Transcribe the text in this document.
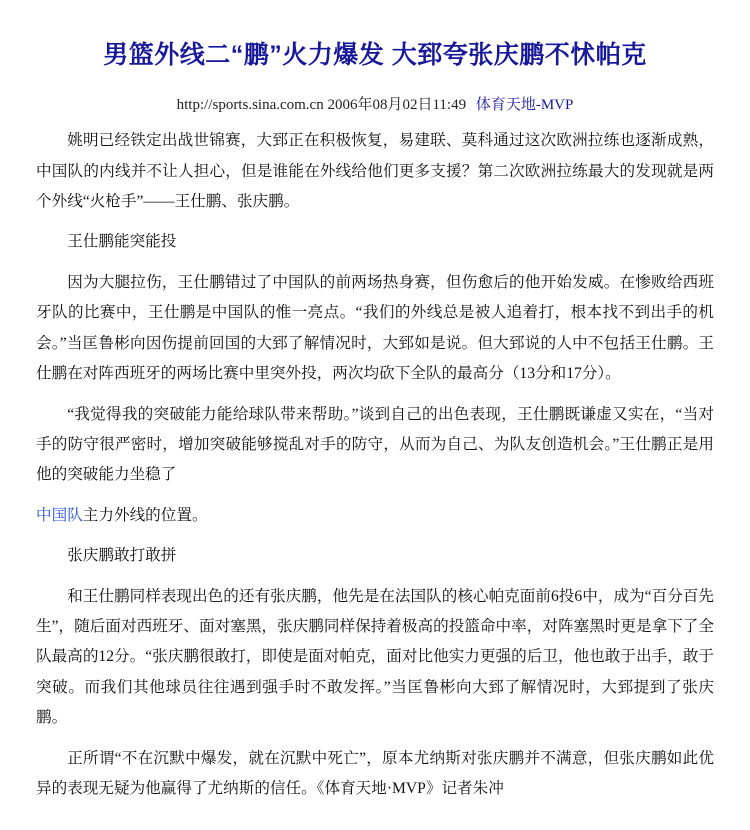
男篮外线二“鹏”火力爆发 大郅夸张庆鹏不怵帕克
http://sports.sina.com.cn 2006年08月02日11:49 体育天地-MVP

姚明已经铁定出战世锦赛，大郅正在积极恢复，易建联、莫科通过这次欧洲拉练也逐渐成熟，中国队的内线并不让人担心，但是谁能在外线给他们更多支援？第二次欧洲拉练最大的发现就是两个外线“火枪手”——王仕鹏、张庆鹏。

王仕鹏能突能投

因为大腿拉伤，王仕鹏错过了中国队的前两场热身赛，但伤愈后的他开始发威。在惨败给西班牙队的比赛中，王仕鹏是中国队的惟一亮点。“我们的外线总是被人追着打，根本找不到出手的机会。”当匡鲁彬向因伤提前回国的大郅了解情况时，大郅如是说。但大郅说的人中不包括王仕鹏。王仕鹏在对阵西班牙的两场比赛中里突外投，两次均砍下全队的最高分（13分和17分）。

“我觉得我的突破能力能给球队带来帮助。”谈到自己的出色表现，王仕鹏既谦虚又实在，“当对手的防守很严密时，增加突破能够搅乱对手的防守，从而为自己、为队友创造机会。”王仕鹏正是用他的突破能力坐稳了

中国队主力外线的位置。

张庆鹏敢打敢拼

和王仕鹏同样表现出色的还有张庆鹏，他先是在法国队的核心帕克面前6投6中，成为“百分百先生”，随后面对西班牙、面对塞黑，张庆鹏同样保持着极高的投篮命中率，对阵塞黑时更是拿下了全队最高的12分。“张庆鹏很敢打，即使是面对帕克，面对比他实力更强的后卫，他也敢于出手，敢于突破。而我们其他球员往往遇到强手时不敢发挥。”当匡鲁彬向大郅了解情况时，大郅提到了张庆鹏。

正所谓“不在沉默中爆发，就在沉默中死亡”，原本尤纳斯对张庆鹏并不满意，但张庆鹏如此优异的表现无疑为他赢得了尤纳斯的信任。《体育天地·MVP》记者朱冲
